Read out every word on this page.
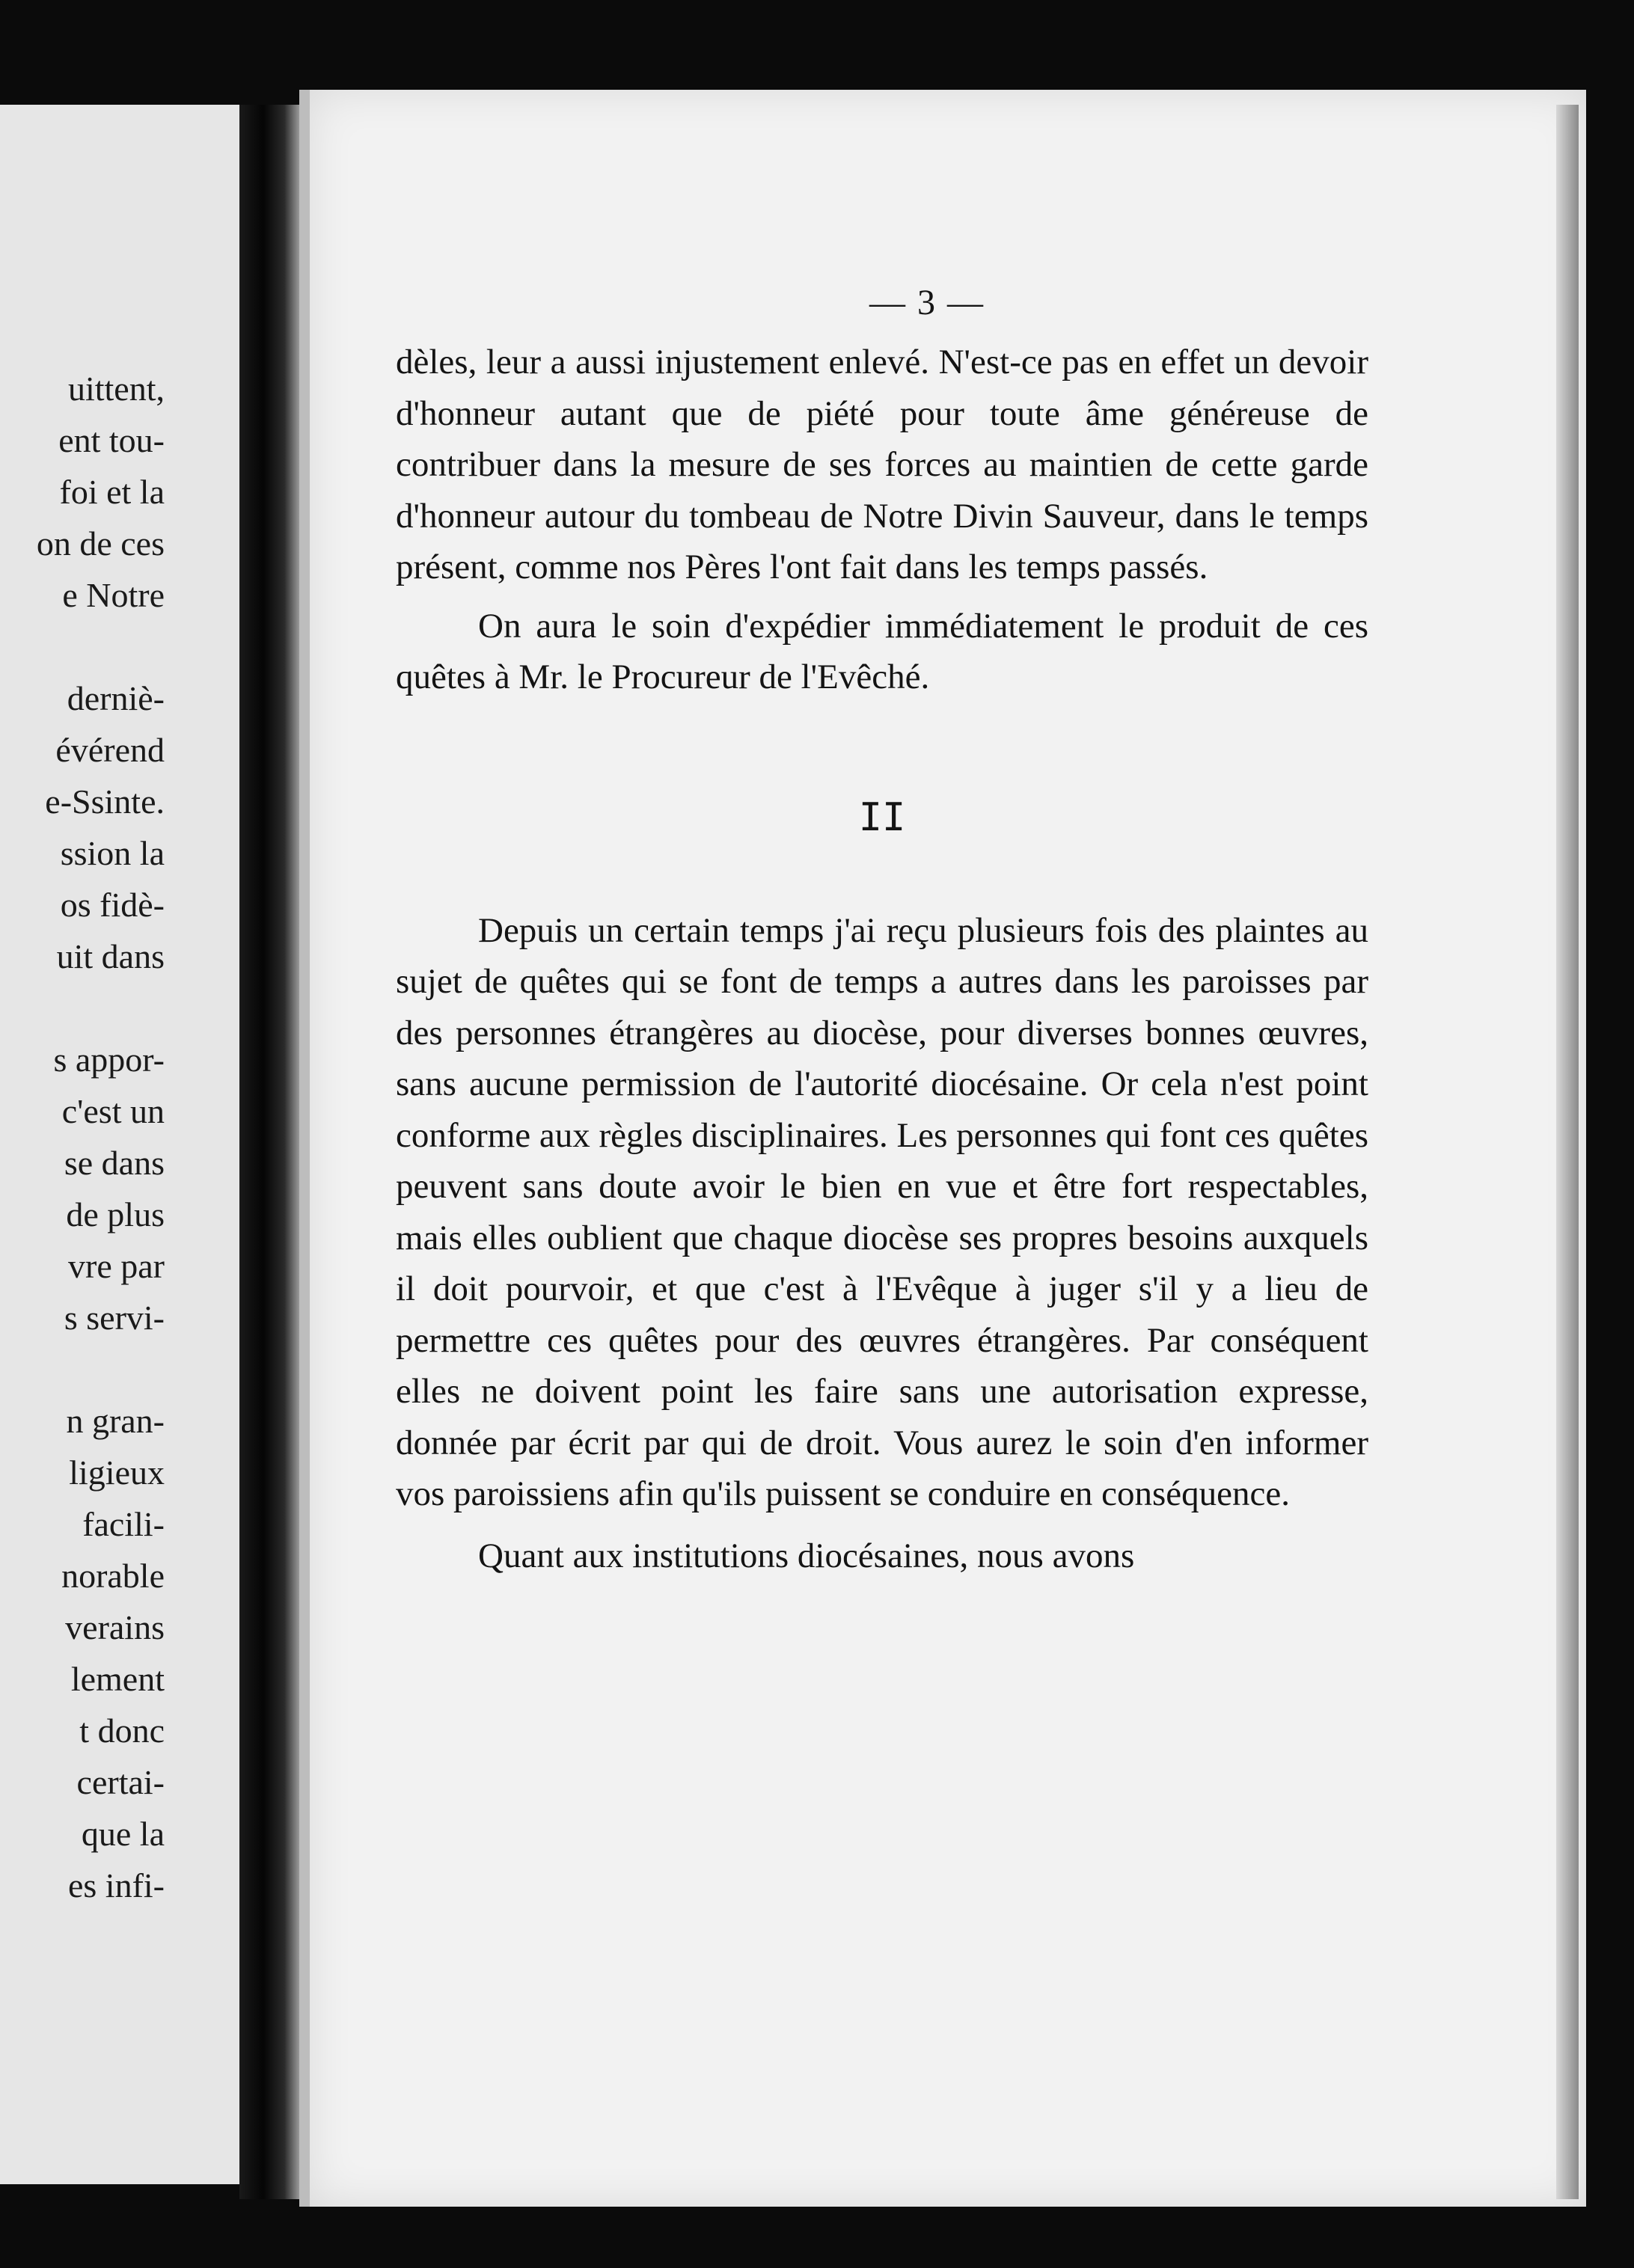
uittent,
ent tou-
foi et la
on de ces
e Notre
derniè-
évérend
e-Ssinte.
ssion la
os fidè-
uit dans
s appor-
c'est un
se dans
de plus
vre par
s servi-
n gran-
ligieux
facili-
norable
verains
lement
t donc
certai-
que la
es infi-
— 3 —

dèles, leur a aussi injustement enlevé. N'est-ce pas en effet un devoir d'honneur autant que de piété pour toute âme généreuse de contribuer dans la mesure de ses forces au maintien de cette garde d'honneur autour du tombeau de Notre Divin Sauveur, dans le temps présent, comme nos Pères l'ont fait dans les temps passés.

On aura le soin d'expédier immédiatement le produit de ces quêtes à Mr. le Procureur de l'Evêché.

II

Depuis un certain temps j'ai reçu plusieurs fois des plaintes au sujet de quêtes qui se font de temps a autres dans les paroisses par des personnes étrangères au diocèse, pour diverses bonnes œuvres, sans aucune permission de l'autorité diocésaine. Or cela n'est point conforme aux règles disciplinaires. Les personnes qui font ces quêtes peuvent sans doute avoir le bien en vue et être fort respectables, mais elles oublient que chaque diocèse ses propres besoins auxquels il doit pourvoir, et que c'est à l'Evêque à juger s'il y a lieu de permettre ces quêtes pour des œuvres étrangères. Par conséquent elles ne doivent point les faire sans une autorisation expresse, donnée par écrit par qui de droit. Vous aurez le soin d'en informer vos paroissiens afin qu'ils puissent se conduire en conséquence.

Quant aux institutions diocésaines, nous avons
